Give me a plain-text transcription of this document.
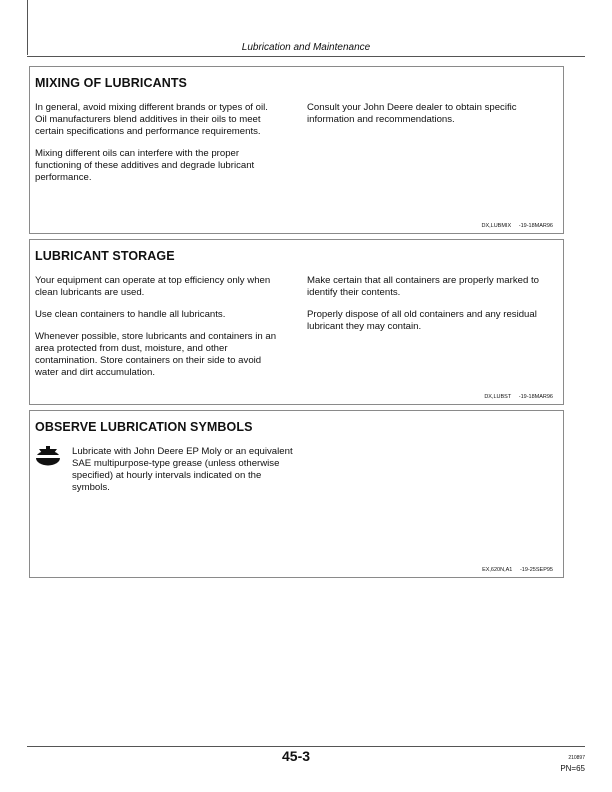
Lubrication and Maintenance
MIXING OF LUBRICANTS

In general, avoid mixing different brands or types of oil. Oil manufacturers blend additives in their oils to meet certain specifications and performance requirements.

Mixing different oils can interfere with the proper functioning of these additives and degrade lubricant performance.

Consult your John Deere dealer to obtain specific information and recommendations.

DX,LUBMIX     -19-18MAR96
LUBRICANT STORAGE

Your equipment can operate at top efficiency only when clean lubricants are used.

Use clean containers to handle all lubricants.

Whenever possible, store lubricants and containers in an area protected from dust, moisture, and other contamination. Store containers on their side to avoid water and dirt accumulation.

Make certain that all containers are properly marked to identify their contents.

Properly dispose of all old containers and any residual lubricant they may contain.

DX,LUBST     -19-18MAR96
OBSERVE LUBRICATION SYMBOLS

Lubricate with John Deere EP Moly or an equivalent SAE multipurpose-type grease (unless otherwise specified) at hourly intervals indicated on the symbols.

EX,620N,A1     -19-25SEP95
45-3	210897
PN=65
